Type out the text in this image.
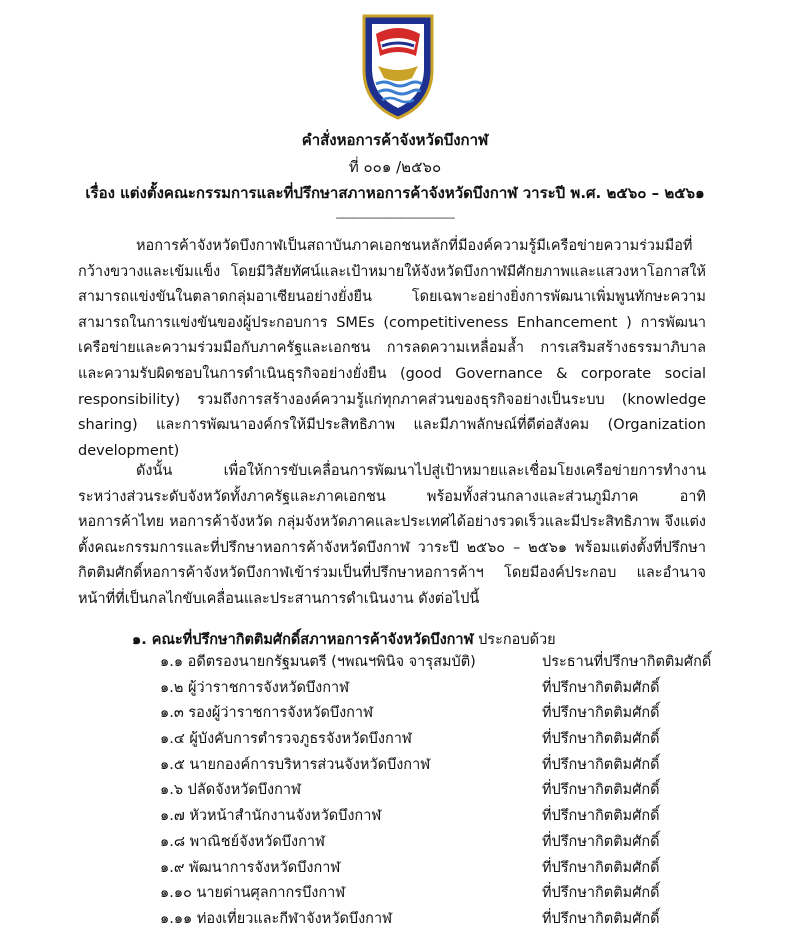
คำสั่งหอการค้าจังหวัดบึงกาฬ
ที่ ๐๐๑ /๒๕๖๐
เรื่อง แต่งตั้งคณะกรรมการและที่ปรึกษาสภาหอการค้าจังหวัดบึงกาฬ วาระปี พ.ศ. ๒๕๖๐ – ๒๕๖๑
----------------------------------------

หอการค้าจังหวัดบึงกาฬเป็นสถาบันภาคเอกชนหลักที่มีองค์ความรู้มีเครือข่ายความร่วมมือที่กว้างขวางและเข้มแข็ง โดยมีวิสัยทัศน์และเป้าหมายให้จังหวัดบึงกาฬมีศักยภาพและแสวงหาโอกาสให้สามารถแข่งขันในตลาดกลุ่มอาเซียนอย่างยั่งยืน โดยเฉพาะอย่างยิ่งการพัฒนาเพิ่มพูนทักษะความสามารถในการแข่งขันของผู้ประกอบการ SMEs (competitiveness Enhancement ) การพัฒนาเครือข่ายและความร่วมมือกับภาครัฐและเอกชน การลดความเหลื่อมล้ำ การเสริมสร้างธรรมาภิบาลและความรับผิดชอบในการดำเนินธุรกิจอย่างยั่งยืน (good Governance & corporate social responsibility) รวมถึงการสร้างองค์ความรู้แก่ทุกภาคส่วนของธุรกิจอย่างเป็นระบบ (knowledge sharing) และการพัฒนาองค์กรให้มีประสิทธิภาพ และมีภาพลักษณ์ที่ดีต่อสังคม (Organization development)

ดังนั้น เพื่อให้การขับเคลื่อนการพัฒนาไปสู่เป้าหมายและเชื่อมโยงเครือข่ายการทำงานระหว่างส่วนระดับจังหวัดทั้งภาครัฐและภาคเอกชน พร้อมทั้งส่วนกลางและส่วนภูมิภาค อาทิ หอการค้าไทย หอการค้าจังหวัด กลุ่มจังหวัดภาคและประเทศได้อย่างรวดเร็วและมีประสิทธิภาพ จึงแต่งตั้งคณะกรรมการและที่ปรึกษาหอการค้าจังหวัดบึงกาฬ วาระปี ๒๕๖๐ – ๒๕๖๑ พร้อมแต่งตั้งที่ปรึกษากิตติมศักดิ์หอการค้าจังหวัดบึงกาฬเข้าร่วมเป็นที่ปรึกษาหอการค้าฯ โดยมีองค์ประกอบ และอำนาจหน้าที่ที่เป็นกลไกขับเคลื่อนและประสานการดำเนินงาน ดังต่อไปนี้

๑. คณะที่ปรึกษากิตติมศักดิ์สภาหอการค้าจังหวัดบึงกาฬ ประกอบด้วย
๑.๑ อดีตรองนายกรัฐมนตรี (ฯพณฯพินิจ จารุสมบัติ)	ประธานที่ปรึกษากิตติมศักดิ์
๑.๒ ผู้ว่าราชการจังหวัดบึงกาฬ	ที่ปรึกษากิตติมศักดิ์
๑.๓ รองผู้ว่าราชการจังหวัดบึงกาฬ	ที่ปรึกษากิตติมศักดิ์
๑.๔ ผู้บังคับการตำรวจภูธรจังหวัดบึงกาฬ	ที่ปรึกษากิตติมศักดิ์
๑.๕ นายกองค์การบริหารส่วนจังหวัดบึงกาฬ	ที่ปรึกษากิตติมศักดิ์
๑.๖ ปลัดจังหวัดบึงกาฬ	ที่ปรึกษากิตติมศักดิ์
๑.๗ หัวหน้าสำนักงานจังหวัดบึงกาฬ	ที่ปรึกษากิตติมศักดิ์
๑.๘ พาณิชย์จังหวัดบึงกาฬ	ที่ปรึกษากิตติมศักดิ์
๑.๙ พัฒนาการจังหวัดบึงกาฬ	ที่ปรึกษากิตติมศักดิ์
๑.๑๐ นายด่านศุลกากรบึงกาฬ	ที่ปรึกษากิตติมศักดิ์
๑.๑๑ ท่องเที่ยวและกีฬาจังหวัดบึงกาฬ	ที่ปรึกษากิตติมศักดิ์
